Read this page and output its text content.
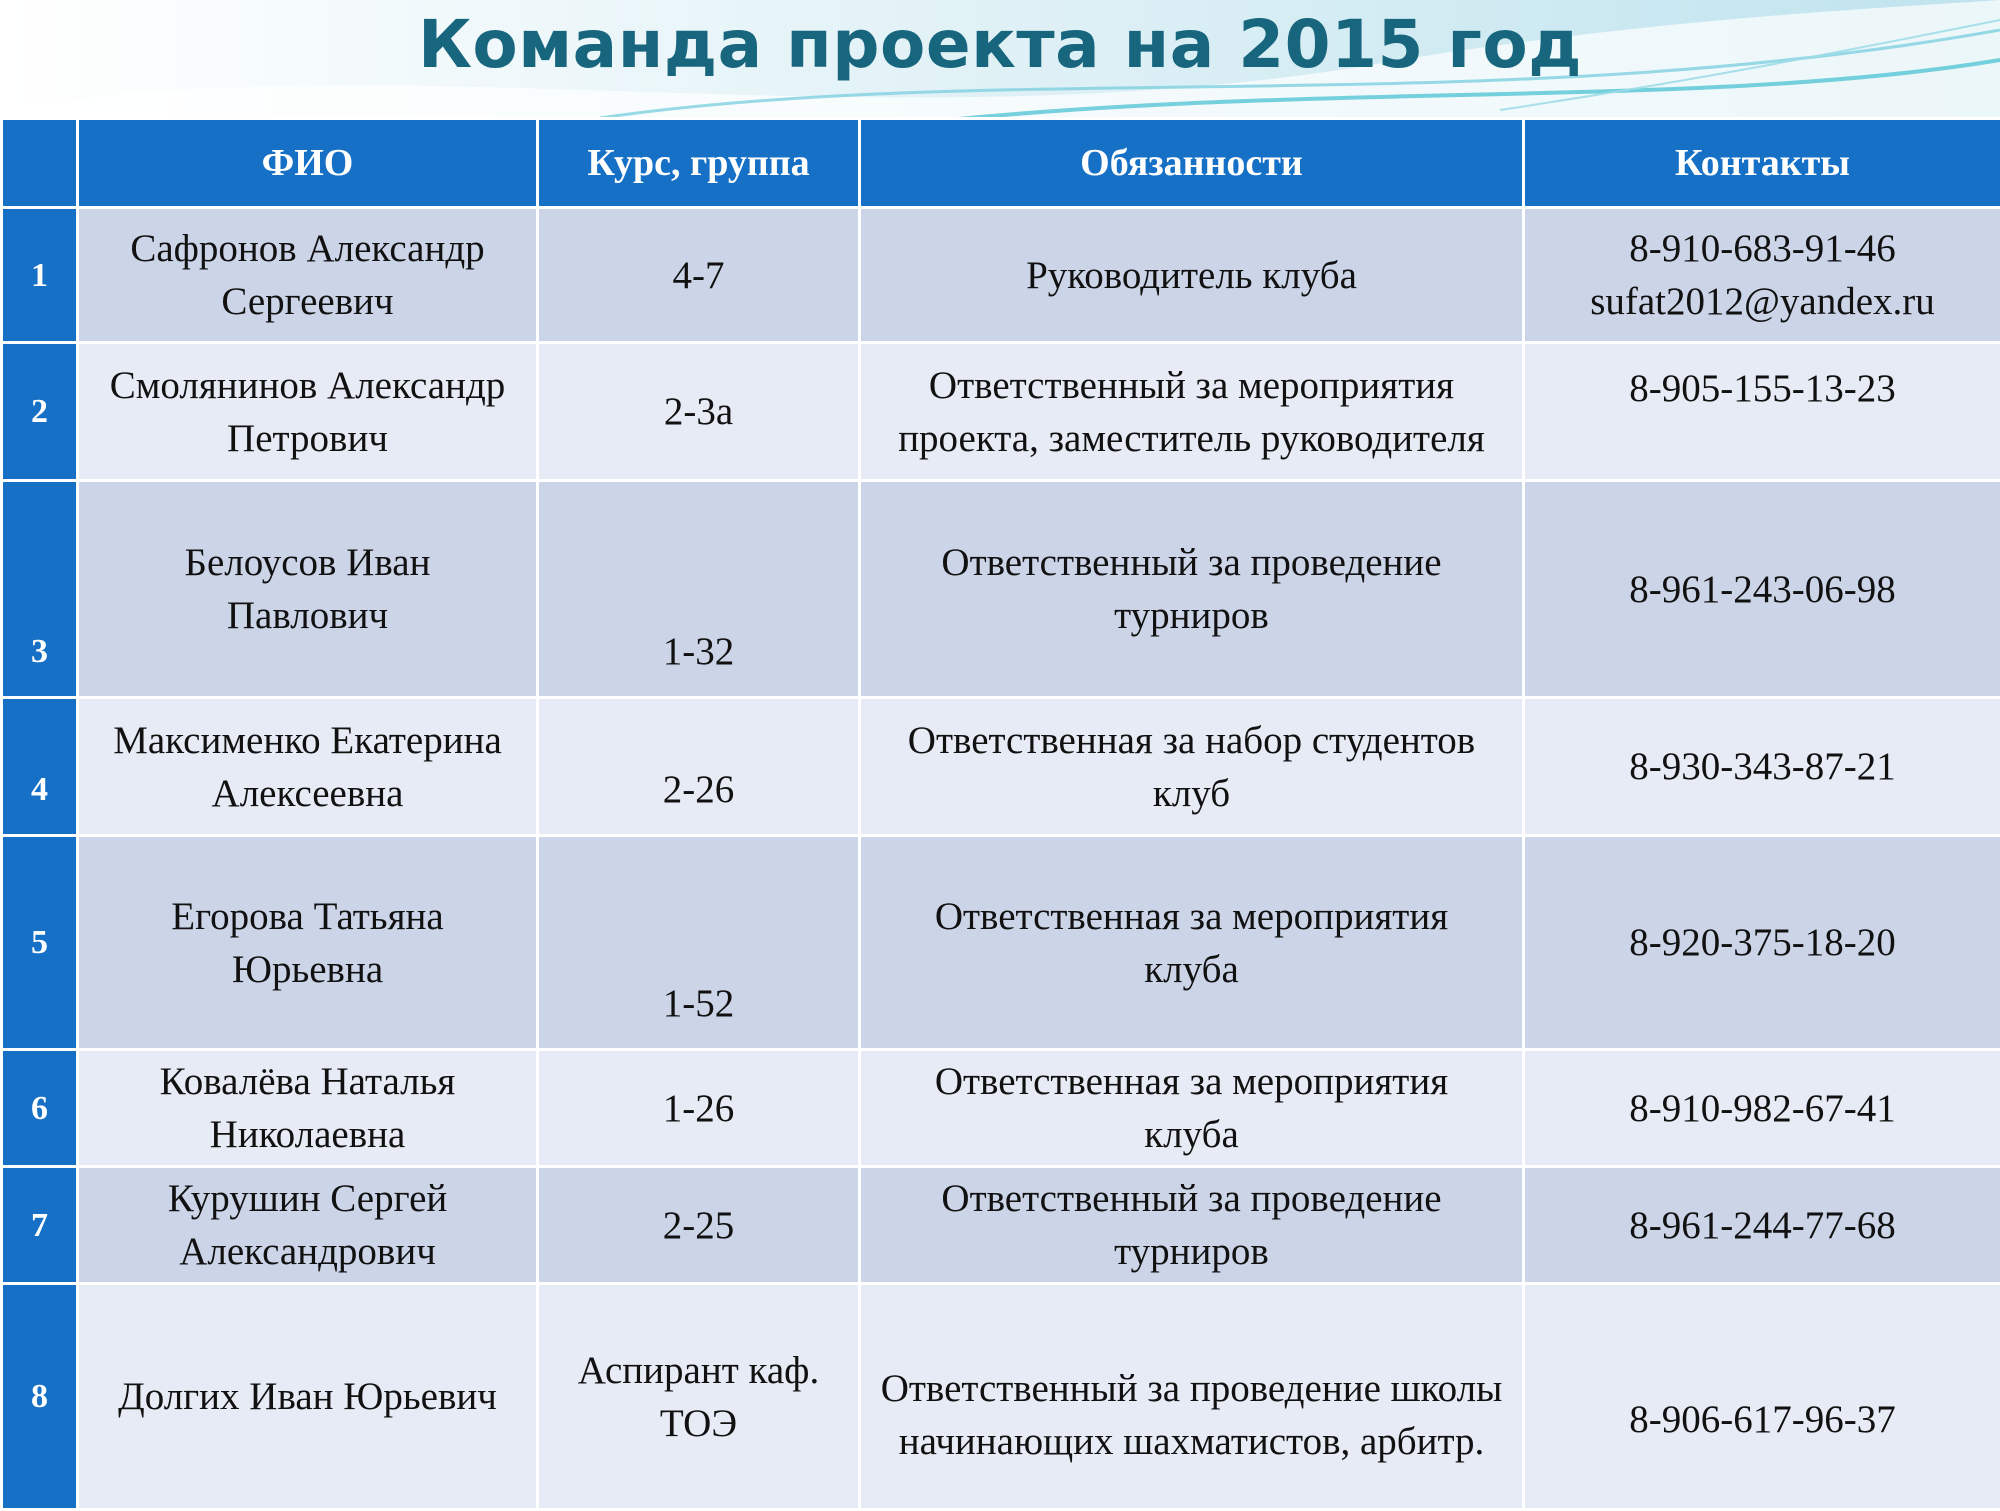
Команда проекта на 2015 год
	ФИО	Курс, группа	Обязанности	Контакты
1	Сафронов Александр Сергеевич	4-7	Руководитель клуба	8-910-683-91-46
sufat2012@yandex.ru

2	Смолянинов Александр Петрович	2-3а	Ответственный за мероприятия проекта, заместитель руководителя	8-905-155-13-23
3	Белоусов Иван Павлович	1-32	Ответственный за проведение турниров	8-961-243-06-98
4	Максименко Екатерина Алексеевна	2-26	Ответственная за набор студентов клуб	8-930-343-87-21
5	Егорова Татьяна Юрьевна	1-52	Ответственная за мероприятия клуба	8-920-375-18-20
6	Ковалёва Наталья Николаевна	1-26	Ответственная за мероприятия клуба	8-910-982-67-41
7	Курушин Сергей Александрович	2-25	Ответственный за проведение турниров	8-961-244-77-68
8	Долгих Иван Юрьевич	Аспирант каф. ТОЭ	Ответственный за проведение школы начинающих шахматистов, арбитр.	8-906-617-96-37
